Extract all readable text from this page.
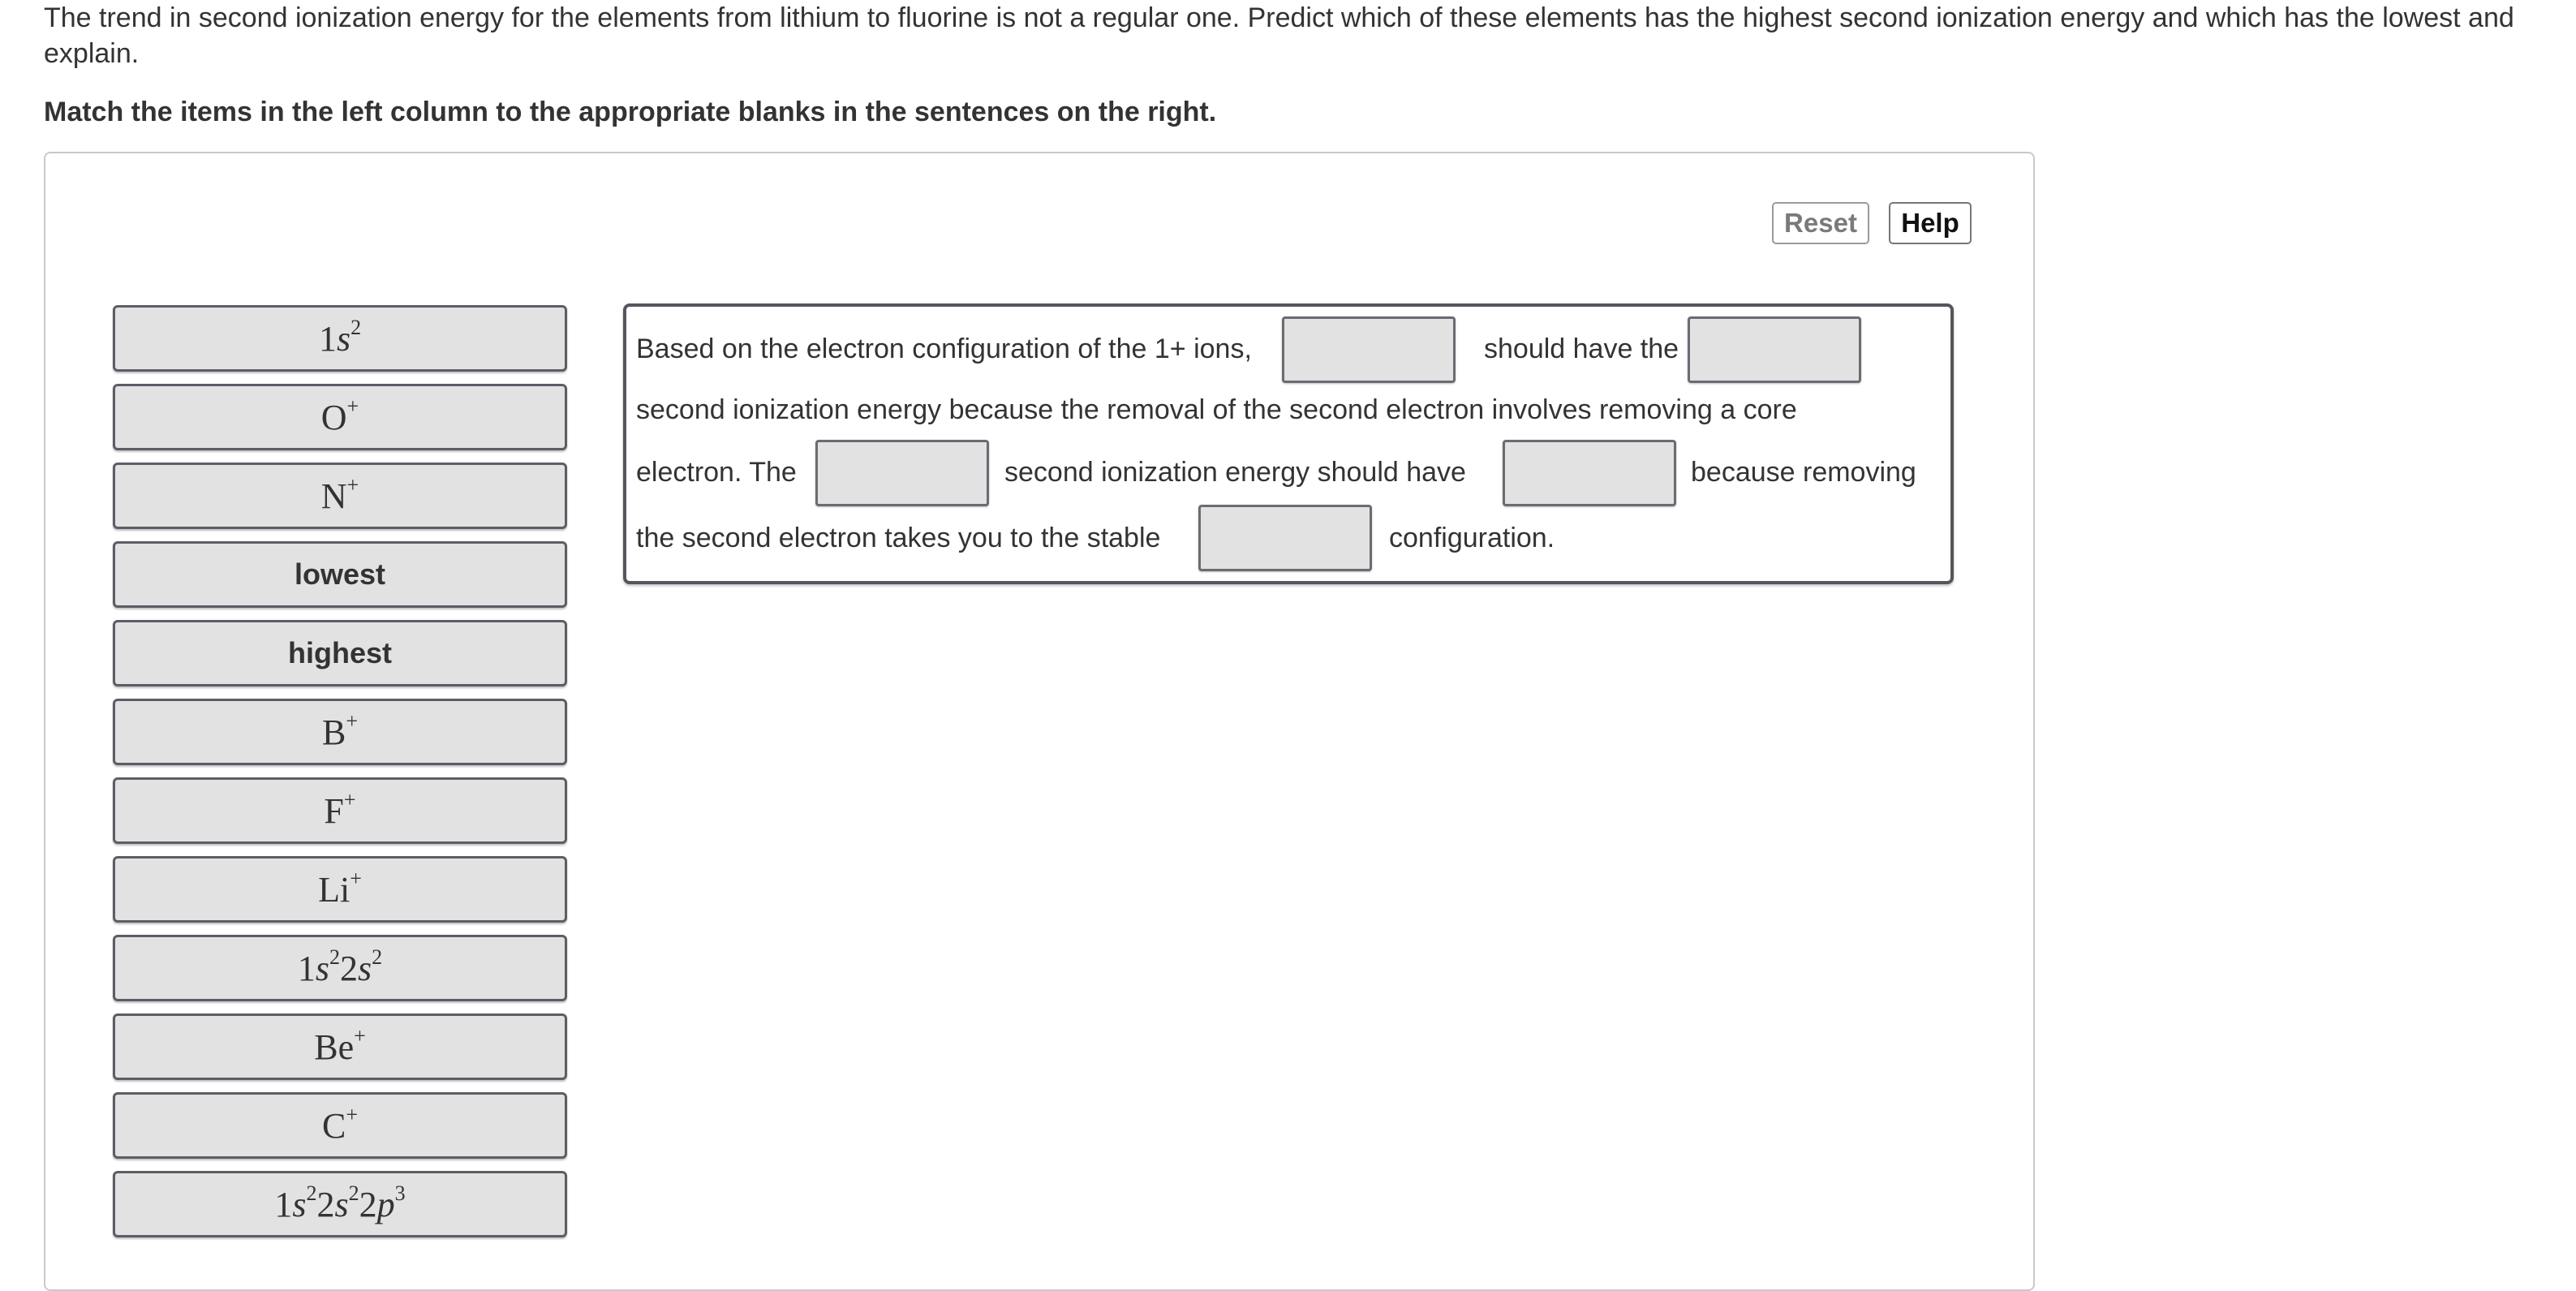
The trend in second ionization energy for the elements from lithium to fluorine is not a regular one. Predict which of these elements has the highest second ionization energy and which has the lowest and explain.
Match the items in the left column to the appropriate blanks in the sentences on the right.
Reset	Help
$1s^2$
O+
N+
lowest
highest
B+
F+
Li+
$1s^22s^2$
Be+
C+
$1s^22s^22p^3$
Based on the electron configuration of the 1+ ions,	should have the
second ionization energy because the removal of the second electron involves removing a core
electron. The	second ionization energy should have	because removing
the second electron takes you to the stable	configuration.
